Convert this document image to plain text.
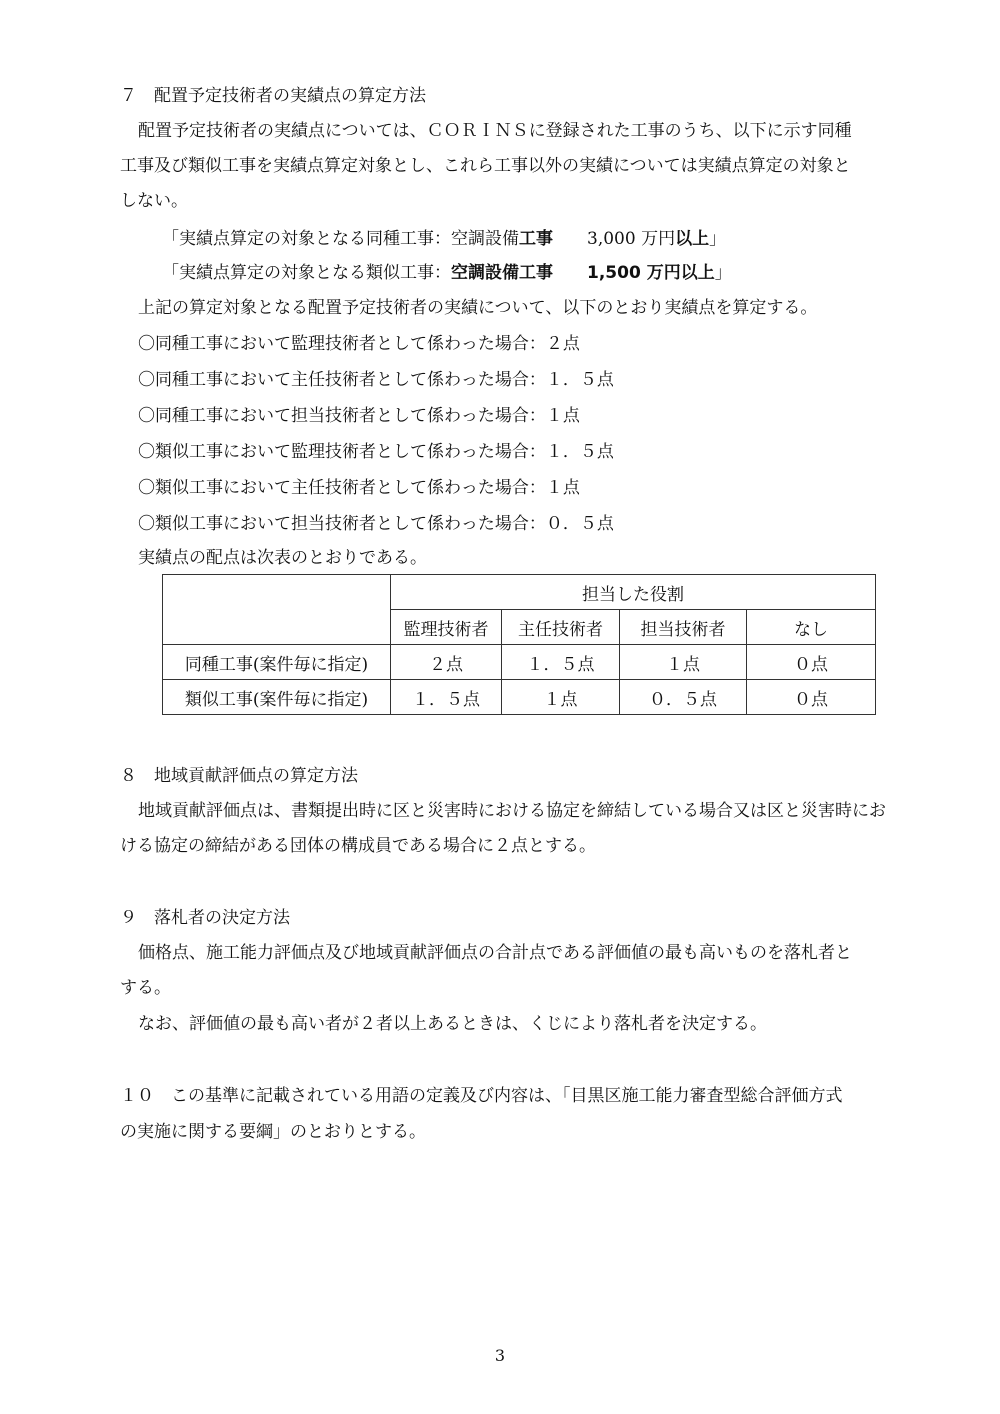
７　配置予定技術者の実績点の算定方法
配置予定技術者の実績点については、ＣＯＲＩＮＳに登録された工事のうち、以下に示す同種
工事及び類似工事を実績点算定対象とし、これら工事以外の実績については実績点算定の対象と
しない。
「実績点算定の対象となる同種工事：空調設備工事 3,000 万円以上」
「実績点算定の対象となる類似工事：空調設備工事 1,500 万円以上」
上記の算定対象となる配置予定技術者の実績について、以下のとおり実績点を算定する。
〇同種工事において監理技術者として係わった場合：２点
〇同種工事において主任技術者として係わった場合：１．５点
〇同種工事において担当技術者として係わった場合：１点
〇類似工事において監理技術者として係わった場合：１．５点
〇類似工事において主任技術者として係わった場合：１点
〇類似工事において担当技術者として係わった場合：０．５点
実績点の配点は次表のとおりである。
	担当した役割			
	監理技術者	主任技術者	担当技術者	なし
同種工事(案件毎に指定)	２点	１．５点	１点	０点
類似工事(案件毎に指定)	１．５点	１点	０．５点	０点
８　地域貢献評価点の算定方法
地域貢献評価点は、書類提出時に区と災害時における協定を締結している場合又は区と災害時にお
ける協定の締結がある団体の構成員である場合に２点とする。
９　落札者の決定方法
価格点、施工能力評価点及び地域貢献評価点の合計点である評価値の最も高いものを落札者と
する。
なお、評価値の最も高い者が２者以上あるときは、くじにより落札者を決定する。
１０　この基準に記載されている用語の定義及び内容は、「目黒区施工能力審査型総合評価方式
の実施に関する要綱」のとおりとする。
3
